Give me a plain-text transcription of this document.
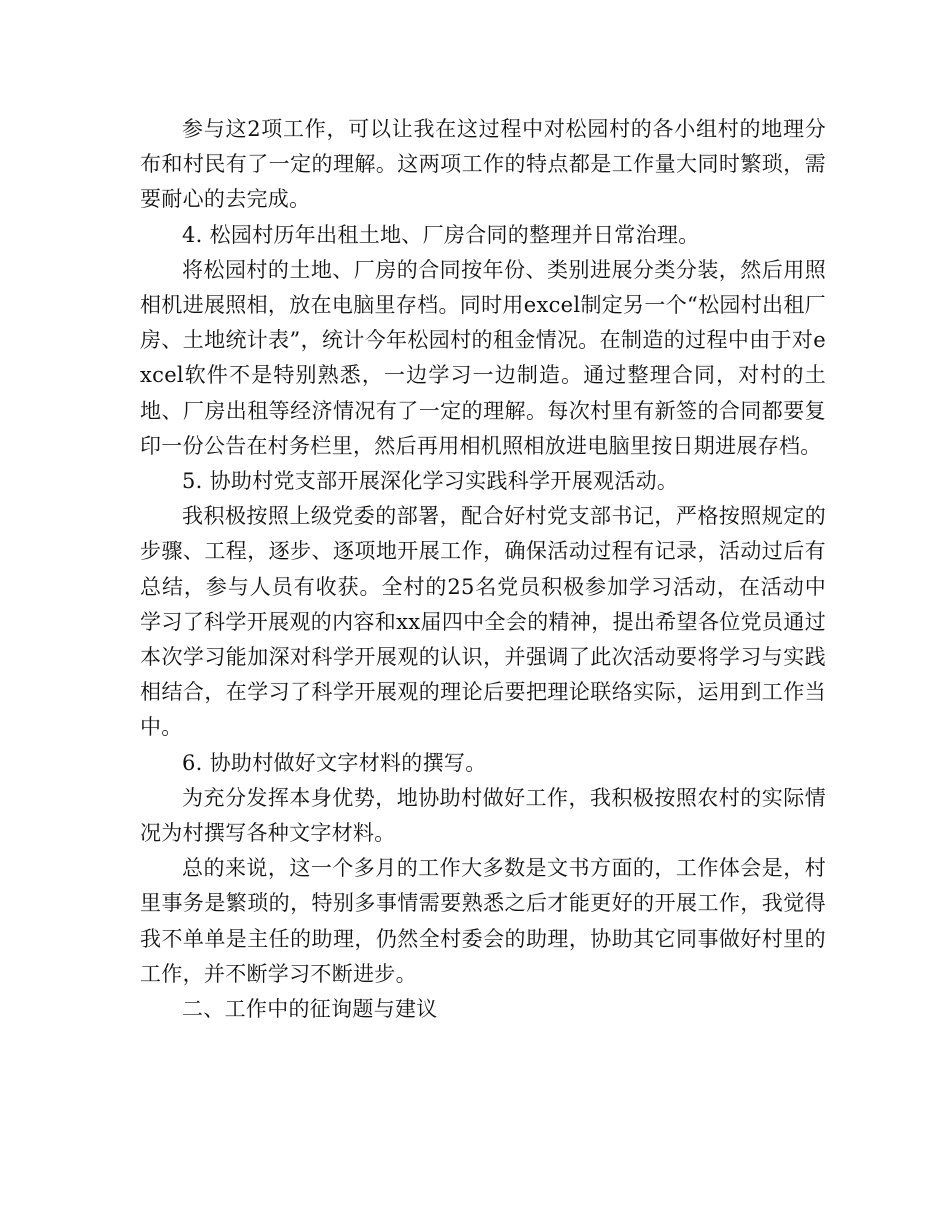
参与这2项工作，可以让我在这过程中对松园村的各小组村的地理分布和村民有了一定的理解。这两项工作的特点都是工作量大同时繁琐，需要耐心的去完成。

4. 松园村历年出租土地、厂房合同的整理并日常治理。

将松园村的土地、厂房的合同按年份、类别进展分类分装，然后用照相机进展照相，放在电脑里存档。同时用excel制定另一个“松园村出租厂房、土地统计表”，统计今年松园村的租金情况。在制造的过程中由于对excel软件不是特别熟悉，一边学习一边制造。通过整理合同，对村的土地、厂房出租等经济情况有了一定的理解。每次村里有新签的合同都要复印一份公告在村务栏里，然后再用相机照相放进电脑里按日期进展存档。

5. 协助村党支部开展深化学习实践科学开展观活动。

我积极按照上级党委的部署，配合好村党支部书记，严格按照规定的步骤、工程，逐步、逐项地开展工作，确保活动过程有记录，活动过后有总结，参与人员有收获。全村的25名党员积极参加学习活动，在活动中学习了科学开展观的内容和xx届四中全会的精神，提出希望各位党员通过本次学习能加深对科学开展观的认识，并强调了此次活动要将学习与实践相结合，在学习了科学开展观的理论后要把理论联络实际，运用到工作当中。

6. 协助村做好文字材料的撰写。

为充分发挥本身优势，地协助村做好工作，我积极按照农村的实际情况为村撰写各种文字材料。

总的来说，这一个多月的工作大多数是文书方面的，工作体会是，村里事务是繁琐的，特别多事情需要熟悉之后才能更好的开展工作，我觉得我不单单是主任的助理，仍然全村委会的助理，协助其它同事做好村里的工作，并不断学习不断进步。

二、工作中的征询题与建议
